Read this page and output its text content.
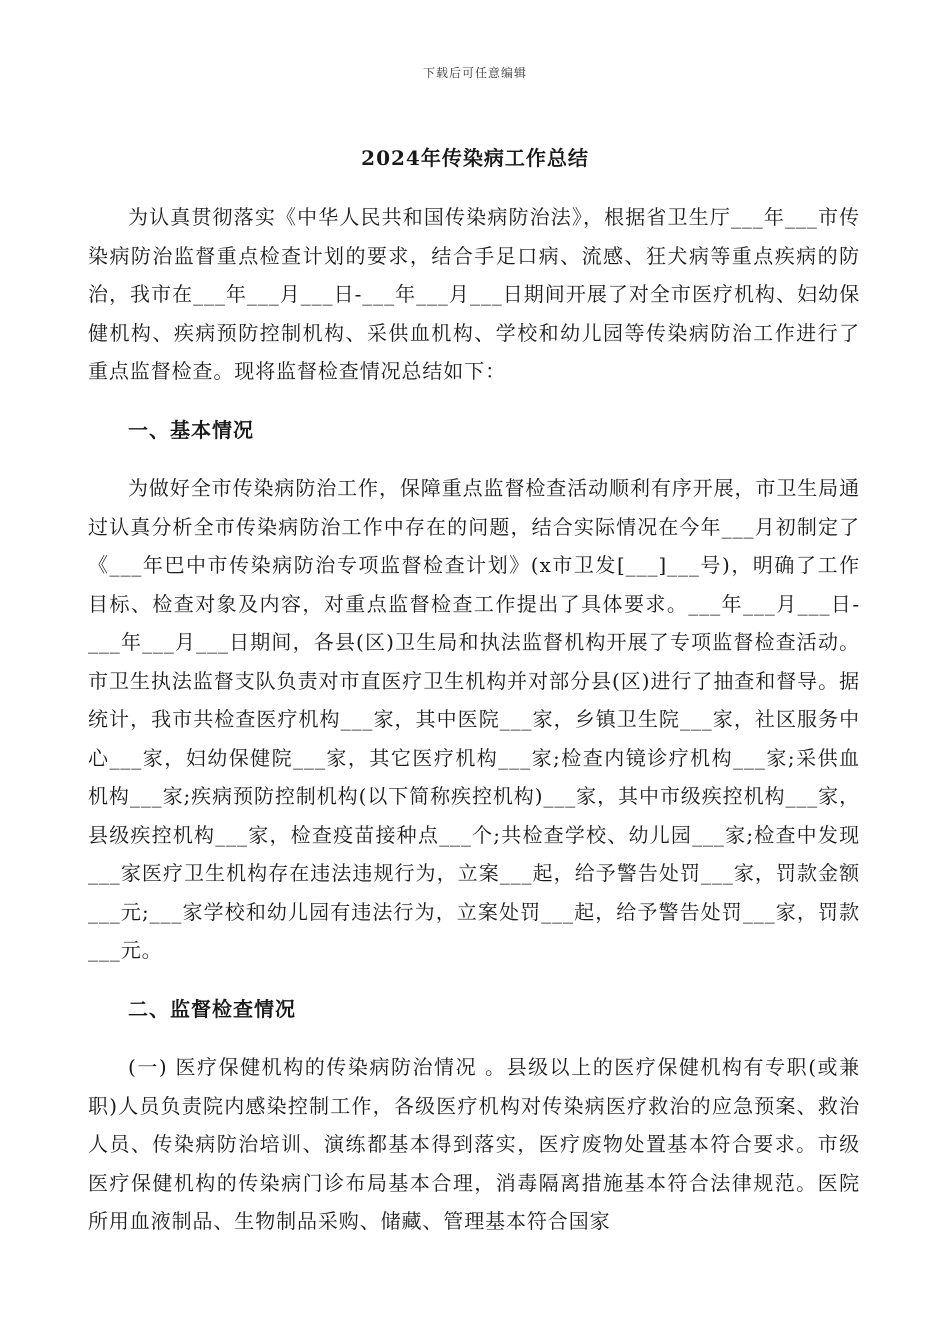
下载后可任意编辑
2024年传染病工作总结

为认真贯彻落实《中华人民共和国传染病防治法》，根据省卫生厅___年___市传染病防治监督重点检查计划的要求，结合手足口病、流感、狂犬病等重点疾病的防治，我市在___年___月___日-___年___月___日期间开展了对全市医疗机构、妇幼保健机构、疾病预防控制机构、采供血机构、学校和幼儿园等传染病防治工作进行了重点监督检查。现将监督检查情况总结如下：

一、基本情况

为做好全市传染病防治工作，保障重点监督检查活动顺利有序开展，市卫生局通过认真分析全市传染病防治工作中存在的问题，结合实际情况在今年___月初制定了《___年巴中市传染病防治专项监督检查计划》(x市卫发[___]___号)，明确了工作目标、检查对象及内容，对重点监督检查工作提出了具体要求。___年___月___日-___年___月___日期间，各县(区)卫生局和执法监督机构开展了专项监督检查活动。市卫生执法监督支队负责对市直医疗卫生机构并对部分县(区)进行了抽查和督导。据统计，我市共检查医疗机构___家，其中医院___家，乡镇卫生院___家，社区服务中心___家，妇幼保健院___家，其它医疗机构___家;检查内镜诊疗机构___家;采供血机构___家;疾病预防控制机构(以下简称疾控机构)___家，其中市级疾控机构___家，县级疾控机构___家，检查疫苗接种点___个;共检查学校、幼儿园___家;检查中发现___家医疗卫生机构存在违法违规行为，立案___起，给予警告处罚___家，罚款金额___元;___家学校和幼儿园有违法行为，立案处罚___起，给予警告处罚___家，罚款___元。

二、监督检查情况

(一) 医疗保健机构的传染病防治情况 。县级以上的医疗保健机构有专职(或兼职)人员负责院内感染控制工作，各级医疗机构对传染病医疗救治的应急预案、救治人员、传染病防治培训、演练都基本得到落实，医疗废物处置基本符合要求。市级医疗保健机构的传染病门诊布局基本合理，消毒隔离措施基本符合法律规范。医院所用血液制品、生物制品采购、储藏、管理基本符合国家
